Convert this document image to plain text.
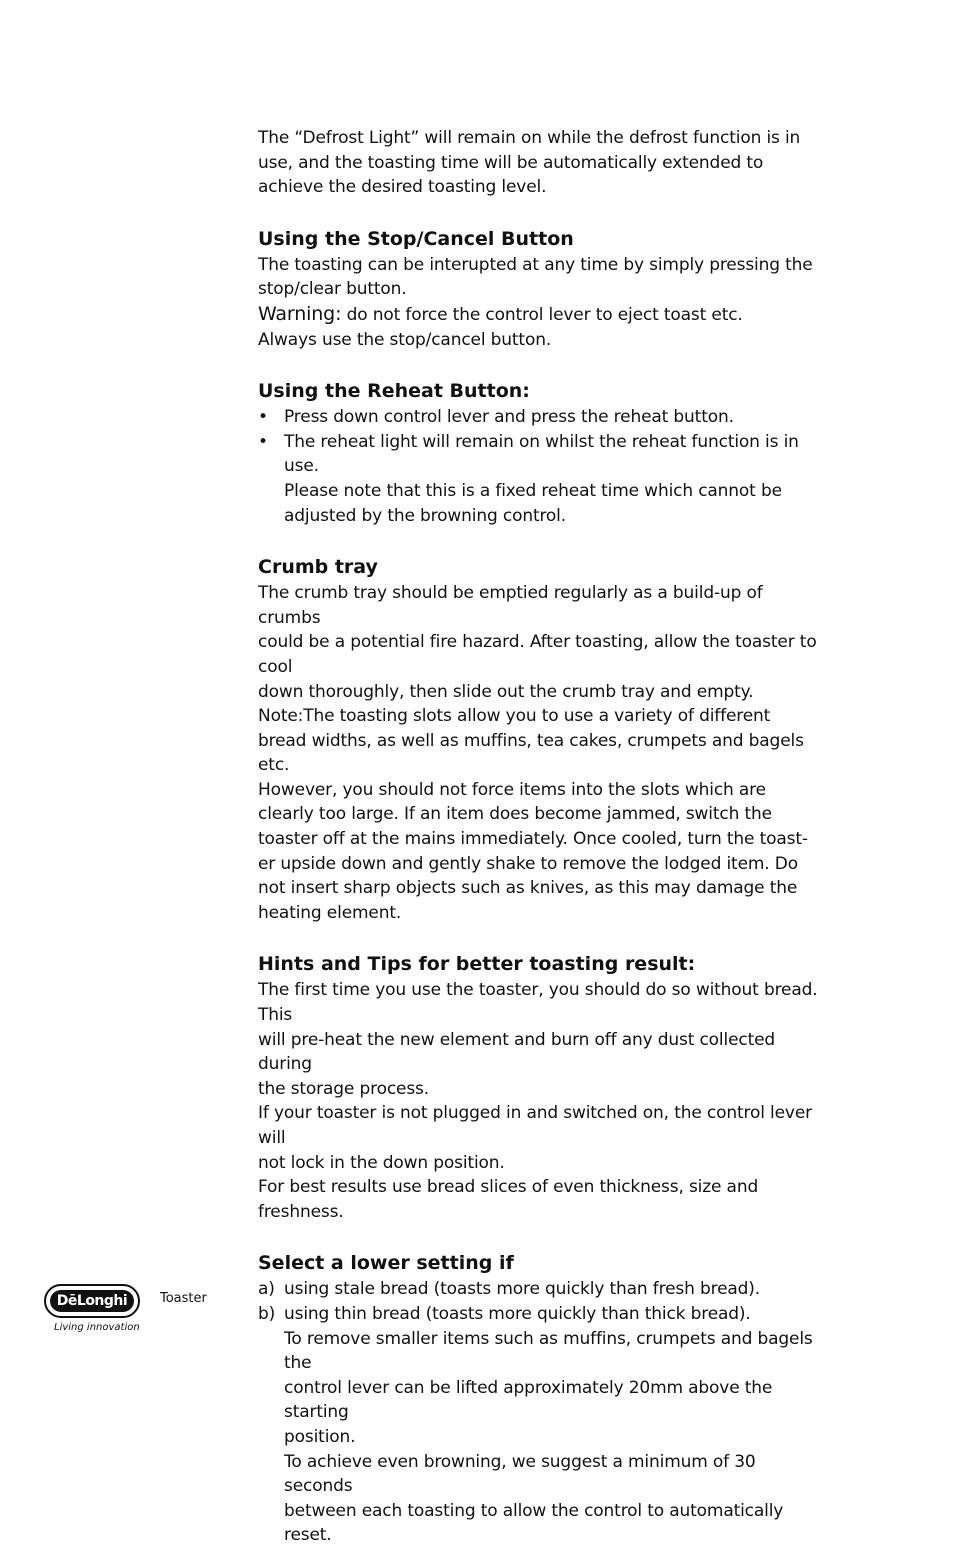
The “Defrost Light” will remain on while the defrost function is in

use, and the toasting time will be automatically extended to

achieve the desired toasting level.

Using the Stop/Cancel Button

The toasting can be interupted at any time by simply pressing the

stop/clear button.

Warning: do not force the control lever to eject toast etc.

Always use the stop/cancel button.

Using the Reheat Button:
• Press down control lever and press the reheat button.
• The reheat light will remain on whilst the reheat function is in use.
Please note that this is a fixed reheat time which cannot be
adjusted by the browning control.
Crumb tray

The crumb tray should be emptied regularly as a build-up of crumbs

could be a potential fire hazard. After toasting, allow the toaster to cool

down thoroughly, then slide out the crumb tray and empty.

Note:The toasting slots allow you to use a variety of different

bread widths, as well as muffins, tea cakes, crumpets and bagels etc.

However, you should not force items into the slots which are

clearly too large. If an item does become jammed, switch the

toaster off at the mains immediately. Once cooled, turn the toast-

er upside down and gently shake to remove the lodged item. Do

not insert sharp objects such as knives, as this may damage the

heating element.

Hints and Tips for better toasting result:

The first time you use the toaster, you should do so without bread. This

will pre-heat the new element and burn off any dust collected during

the storage process.

If your toaster is not plugged in and switched on, the control lever will

not lock in the down position.

For best results use bread slices of even thickness, size and freshness.

Select a lower setting if
a) using stale bread (toasts more quickly than fresh bread).
b) using thin bread (toasts more quickly than thick bread).

To remove smaller items such as muffins, crumpets and bagels the

control lever can be lifted approximately 20mm above the starting

position.

To achieve even browning, we suggest a minimum of 30 seconds

between each toasting to allow the control to automatically reset.

DēLonghi
Living innovation
Toaster
